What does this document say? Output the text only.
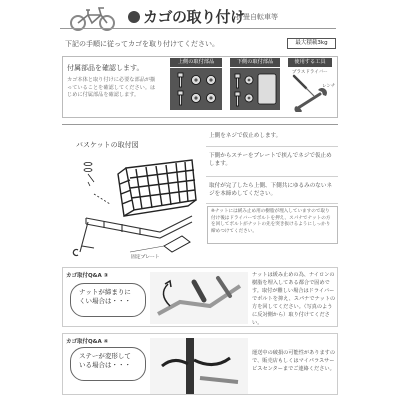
カゴの取り付け
折畳自転車等
下記の手順に従ってカゴを取り付けてください。	最大積載3kg
付属部品を確認します。
カゴ本体と取り付けに必要な部品が揃っていることを確認してください。はじめに付属部品を確認します。
上側の取付部品	下側の取付部品	使用する工具
プラスドライバー
レンチ
バスケットの取付図
固定プレート
上側をネジで仮止めします。
下側からステーをプレートで挟んでネジで仮止めします。
取付が完了したら上側、下側共にゆるみのないネジを本締めしてください。
※ナットには緩み止め用の樹脂が埋入していますので取り付け後はドライバーでボルトを押え、スパナでナットの方を回してボルトがナットの先を突き抜けるようにしっかり締めつけてください。
カゴ取付Q&A ③
ナットが締まりにくい場合は・・・
ナットは緩み止めの為、ナイロンの樹脂を埋入してある都合で固めです。取付が難しい場合はドライバーでボルトを抑え、スパナでナットの方を回してください。（写真のように反対側から）取り付けてください。
カゴ取付Q&A ④
ステーが変形している場合は・・・
運送中の破損の可能性がありますので、販売店もしくはマイパラスサービスセンターまでご連絡ください。
